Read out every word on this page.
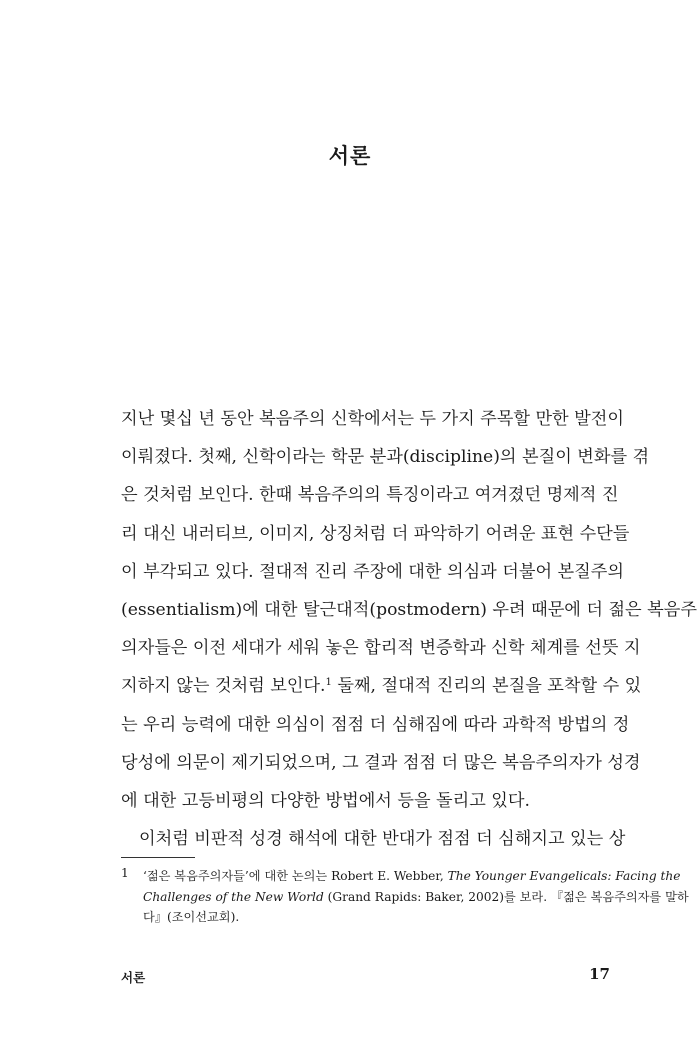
서론
지난 몇십 년 동안 복음주의 신학에서는 두 가지 주목할 만한 발전이
이뤄졌다. 첫째, 신학이라는 학문 분과(discipline)의 본질이 변화를 겪
은 것처럼 보인다. 한때 복음주의의 특징이라고 여겨졌던 명제적 진
리 대신 내러티브, 이미지, 상징처럼 더 파악하기 어려운 표현 수단들
이 부각되고 있다. 절대적 진리 주장에 대한 의심과 더불어 본질주의
(essentialism)에 대한 탈근대적(postmodern) 우려 때문에 더 젊은 복음주
의자들은 이전 세대가 세워 놓은 합리적 변증학과 신학 체계를 선뜻 지
지하지 않는 것처럼 보인다.$^1$ 둘째, 절대적 진리의 본질을 포착할 수 있
는 우리 능력에 대한 의심이 점점 더 심해짐에 따라 과학적 방법의 정
당성에 의문이 제기되었으며, 그 결과 점점 더 많은 복음주의자가 성경
에 대한 고등비평의 다양한 방법에서 등을 돌리고 있다.
이처럼 비판적 성경 해석에 대한 반대가 점점 더 심해지고 있는 상
1 ‘젊은 복음주의자들’에 대한 논의는 Robert E. Webber, The Younger Evangelicals: Facing the
Challenges of the New World (Grand Rapids: Baker, 2002)를 보라. 『젊은 복음주의자를 말하
다』(조이선교회).
서론	17
